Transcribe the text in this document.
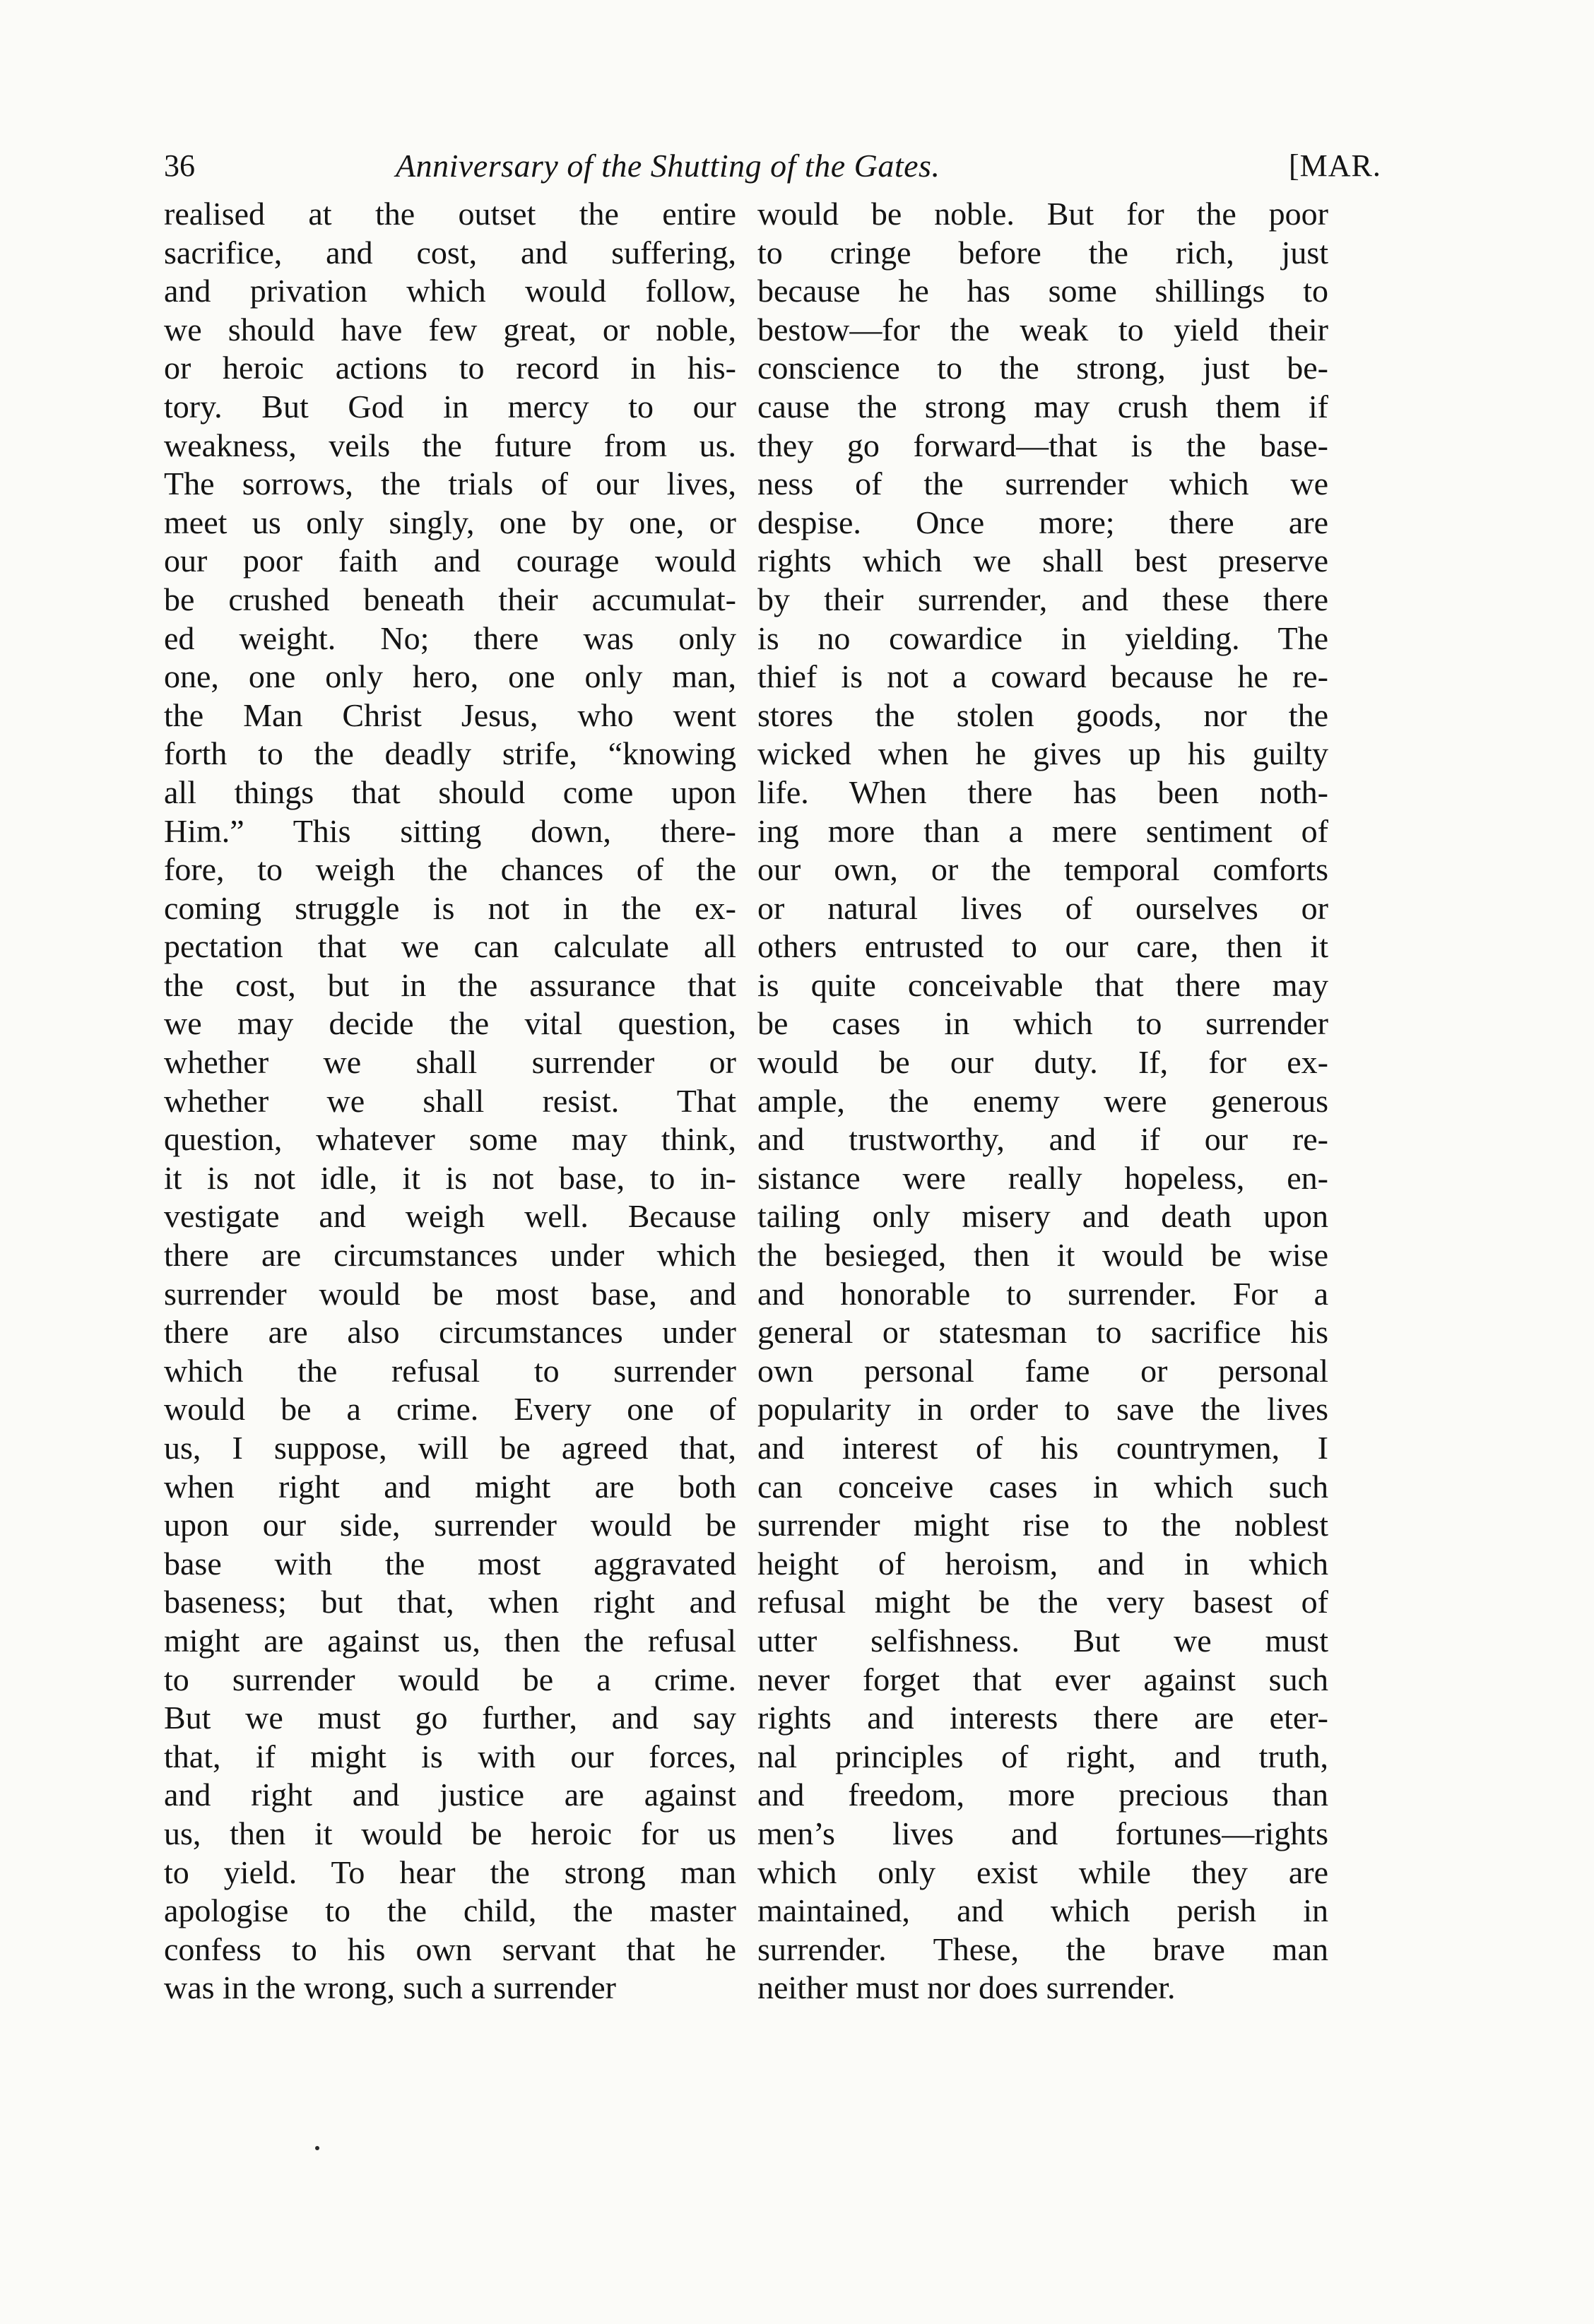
36	Anniversary of the Shutting of the Gates.	[MAR.
realised at the outset the entire
sacrifice, and cost, and suffering,
and privation which would follow,
we should have few great, or noble,
or heroic actions to record in his-
tory. But God in mercy to our
weakness, veils the future from us.
The sorrows, the trials of our lives,
meet us only singly, one by one, or
our poor faith and courage would
be crushed beneath their accumulat-
ed weight. No; there was only
one, one only hero, one only man,
the Man Christ Jesus, who went
forth to the deadly strife, “knowing
all things that should come upon
Him.” This sitting down, there-
fore, to weigh the chances of the
coming struggle is not in the ex-
pectation that we can calculate all
the cost, but in the assurance that
we may decide the vital question,
whether we shall surrender or
whether we shall resist. That
question, whatever some may think,
it is not idle, it is not base, to in-
vestigate and weigh well. Because
there are circumstances under which
surrender would be most base, and
there are also circumstances under
which the refusal to surrender
would be a crime. Every one of
us, I suppose, will be agreed that,
when right and might are both
upon our side, surrender would be
base with the most aggravated
baseness; but that, when right and
might are against us, then the refusal
to surrender would be a crime.
But we must go further, and say
that, if might is with our forces,
and right and justice are against
us, then it would be heroic for us
to yield. To hear the strong man
apologise to the child, the master
confess to his own servant that he
was in the wrong, such a surrender
would be noble. But for the poor
to cringe before the rich, just
because he has some shillings to
bestow—for the weak to yield their
conscience to the strong, just be-
cause the strong may crush them if
they go forward—that is the base-
ness of the surrender which we
despise. Once more; there are
rights which we shall best preserve
by their surrender, and these there
is no cowardice in yielding. The
thief is not a coward because he re-
stores the stolen goods, nor the
wicked when he gives up his guilty
life. When there has been noth-
ing more than a mere sentiment of
our own, or the temporal comforts
or natural lives of ourselves or
others entrusted to our care, then it
is quite conceivable that there may
be cases in which to surrender
would be our duty. If, for ex-
ample, the enemy were generous
and trustworthy, and if our re-
sistance were really hopeless, en-
tailing only misery and death upon
the besieged, then it would be wise
and honorable to surrender. For a
general or statesman to sacrifice his
own personal fame or personal
popularity in order to save the lives
and interest of his countrymen, I
can conceive cases in which such
surrender might rise to the noblest
height of heroism, and in which
refusal might be the very basest of
utter selfishness. But we must
never forget that ever against such
rights and interests there are eter-
nal principles of right, and truth,
and freedom, more precious than
men’s lives and fortunes—rights
which only exist while they are
maintained, and which perish in
surrender. These, the brave man
neither must nor does surrender.
